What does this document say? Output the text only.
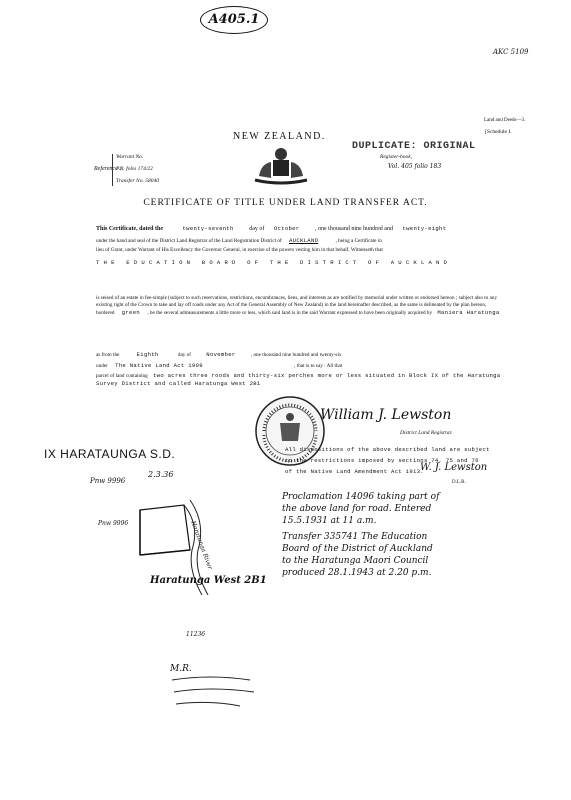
A405.1
AKC 5109
Land and Deeds—3.
[Schedule I.
NEW ZEALAND.
DUPLICATE: ORIGINAL
Register-book,
Vol. 405 folio 183
Reference :
Warrant No.
P.R. folio 174/22
Transfer No. 58040
CERTIFICATE OF TITLE UNDER LAND TRANSFER ACT.
This Certificate, dated the	twenty-seventh	day of October	, one thousand nine hundred and twenty-eight
under the hand and seal of the District Land Registrar of the Land Registration District of AUCKLAND	, being a Certificate in
lieu of Grant, under Warrant of His Excellency the Governor General, in exercise of the powers vesting him in that behalf, Witnesseth that
THE EDUCATION BOARD OF THE DISTRICT OF AUCKLAND
is seised of an estate in fee-simple (subject to such reservations, restrictions, encumbrances, liens, and interests as are notified by memorial under written or endorsed hereon ; subject also to any existing right of the Crown to take and lay off roads under any Act of the General Assembly of New Zealand) in the land hereinafter described, as the same is delineated by the plan hereon, bordered green , be the several admeasurements a little more or less, which said land is in the said Warrant expressed to have been originally acquired by Maniera Haratunga
as from the	Eighth	day of	November	, one thousand nine hundred and twenty-six
under The Native Land Act 1909	, that is to say : All that
parcel of land containing two acres three roods and thirty-six perches more or less situated in Block IX of the Haratunga Survey District and called Haratunga West 2B1
William J. Lewston
District Land Registrar.
IX HARATAUNGA S.D.
Pnw 9996
2.3.36
Pnw 9996	Haratunga River
Haratunga West 2B1
11236
All dispositions of the above described land are subject
to the restrictions imposed by sections 74, 75 and 76
of the Native Land Amendment Act 1913.
W. J. Lewston
D.L.R.
Proclamation 14096 taking part of
the above land for road. Entered
15.5.1931 at 11 a.m.
Transfer 335741 The Education
Board of the District of Auckland
to the Haratunga Maori Council
produced 28.1.1943 at 2.20 p.m.
M.R.
